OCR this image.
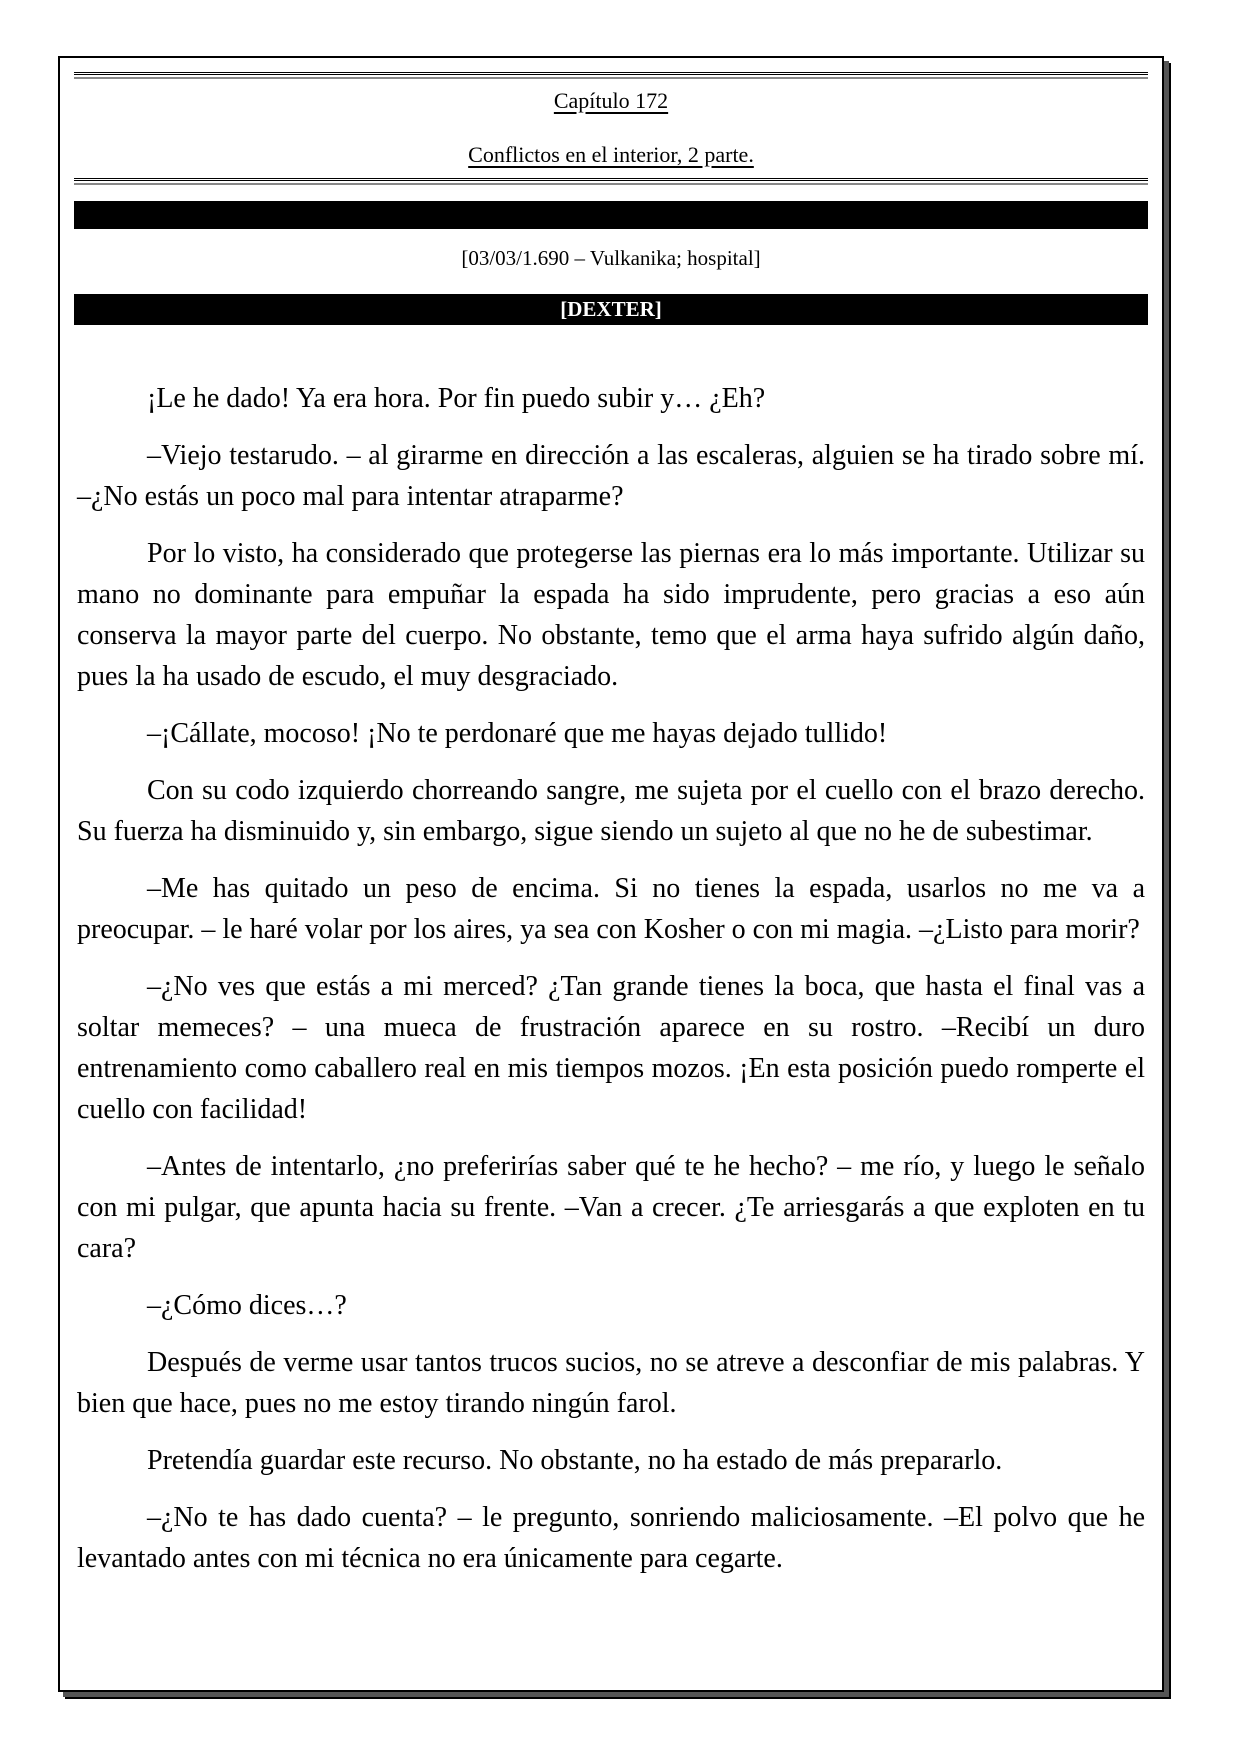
Capítulo 172
Conflictos en el interior, 2 parte.
[03/03/1.690 – Vulkanika; hospital]
[DEXTER]

¡Le he dado! Ya era hora. Por fin puedo subir y… ¿Eh?

–Viejo testarudo. – al girarme en dirección a las escaleras, alguien se ha tirado sobre mí. –¿No estás un poco mal para intentar atraparme?

Por lo visto, ha considerado que protegerse las piernas era lo más importante. Utilizar su mano no dominante para empuñar la espada ha sido imprudente, pero gracias a eso aún conserva la mayor parte del cuerpo. No obstante, temo que el arma haya sufrido algún daño, pues la ha usado de escudo, el muy desgraciado.

–¡Cállate, mocoso! ¡No te perdonaré que me hayas dejado tullido!

Con su codo izquierdo chorreando sangre, me sujeta por el cuello con el brazo derecho. Su fuerza ha disminuido y, sin embargo, sigue siendo un sujeto al que no he de subestimar.

–Me has quitado un peso de encima. Si no tienes la espada, usarlos no me va a preocupar. – le haré volar por los aires, ya sea con Kosher o con mi magia. –¿Listo para morir?

–¿No ves que estás a mi merced? ¿Tan grande tienes la boca, que hasta el final vas a soltar memeces? – una mueca de frustración aparece en su rostro. –Recibí un duro entrenamiento como caballero real en mis tiempos mozos. ¡En esta posición puedo romperte el cuello con facilidad!

–Antes de intentarlo, ¿no preferirías saber qué te he hecho? – me río, y luego le señalo con mi pulgar, que apunta hacia su frente. –Van a crecer. ¿Te arriesgarás a que exploten en tu cara?

–¿Cómo dices…?

Después de verme usar tantos trucos sucios, no se atreve a desconfiar de mis palabras. Y bien que hace, pues no me estoy tirando ningún farol.

Pretendía guardar este recurso. No obstante, no ha estado de más prepararlo.

–¿No te has dado cuenta? – le pregunto, sonriendo maliciosamente. –El polvo que he levantado antes con mi técnica no era únicamente para cegarte.
